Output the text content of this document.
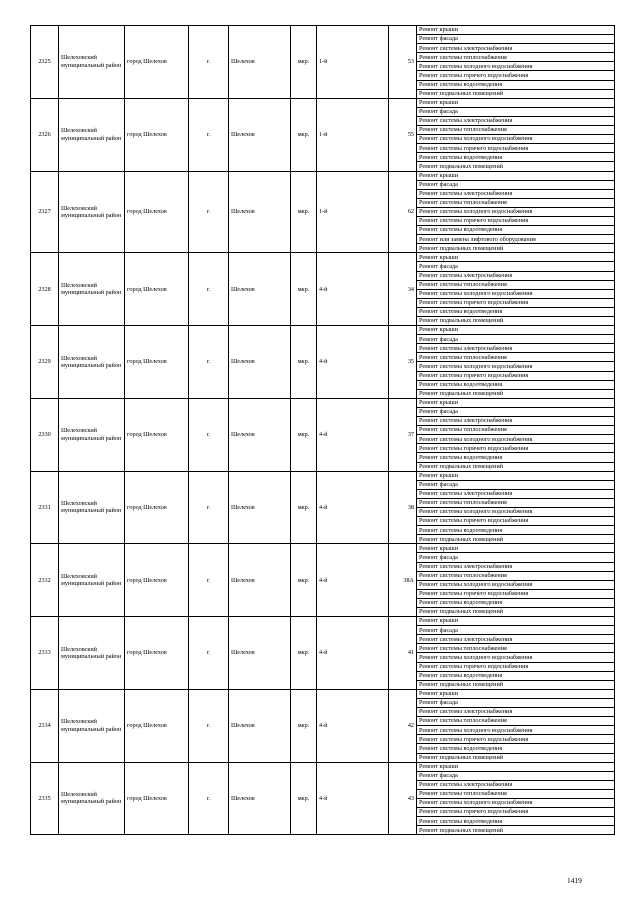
2325	Шелеховский муниципальный район	город Шелехов	г.	Шелехов	мкр.	1-й	53	Ремонт крыши
								Ремонт фасада
								Ремонт системы электроснабжения
								Ремонт системы теплоснабжения
								Ремонт системы холодного водоснабжения
								Ремонт системы горячего водоснабжения
								Ремонт системы водоотведения
								Ремонт подвальных помещений
2326	Шелеховский муниципальный район	город Шелехов	г.	Шелехов	мкр.	1-й	55	Ремонт крыши
								Ремонт фасада
								Ремонт системы электроснабжения
								Ремонт системы теплоснабжения
								Ремонт системы холодного водоснабжения
								Ремонт системы горячего водоснабжения
								Ремонт системы водоотведения
								Ремонт подвальных помещений
2327	Шелеховский муниципальный район	город Шелехов	г.	Шелехов	мкр.	1-й	62	Ремонт крыши
								Ремонт фасада
								Ремонт системы электроснабжения
								Ремонт системы теплоснабжения
								Ремонт системы холодного водоснабжения
								Ремонт системы горячего водоснабжения
								Ремонт системы водоотведения
								Ремонт или замена лифтового оборудования
								Ремонт подвальных помещений
2328	Шелеховский муниципальный район	город Шелехов	г.	Шелехов	мкр.	4-й	34	Ремонт крыши
								Ремонт фасада
								Ремонт системы электроснабжения
								Ремонт системы теплоснабжения
								Ремонт системы холодного водоснабжения
								Ремонт системы горячего водоснабжения
								Ремонт системы водоотведения
								Ремонт подвальных помещений
2329	Шелеховский муниципальный район	город Шелехов	г.	Шелехов	мкр.	4-й	35	Ремонт крыши
								Ремонт фасада
								Ремонт системы электроснабжения
								Ремонт системы теплоснабжения
								Ремонт системы холодного водоснабжения
								Ремонт системы горячего водоснабжения
								Ремонт системы водоотведения
								Ремонт подвальных помещений
2330	Шелеховский муниципальный район	город Шелехов	г.	Шелехов	мкр.	4-й	37	Ремонт крыши
								Ремонт фасада
								Ремонт системы электроснабжения
								Ремонт системы теплоснабжения
								Ремонт системы холодного водоснабжения
								Ремонт системы горячего водоснабжения
								Ремонт системы водоотведения
								Ремонт подвальных помещений
2331	Шелеховский муниципальный район	город Шелехов	г.	Шелехов	мкр.	4-й	38	Ремонт крыши
								Ремонт фасада
								Ремонт системы электроснабжения
								Ремонт системы теплоснабжения
								Ремонт системы холодного водоснабжения
								Ремонт системы горячего водоснабжения
								Ремонт системы водоотведения
								Ремонт подвальных помещений
2332	Шелеховский муниципальный район	город Шелехов	г.	Шелехов	мкр.	4-й	38А	Ремонт крыши
								Ремонт фасада
								Ремонт системы электроснабжения
								Ремонт системы теплоснабжения
								Ремонт системы холодного водоснабжения
								Ремонт системы горячего водоснабжения
								Ремонт системы водоотведения
								Ремонт подвальных помещений
2333	Шелеховский муниципальный район	город Шелехов	г.	Шелехов	мкр.	4-й	41	Ремонт крыши
								Ремонт фасада
								Ремонт системы электроснабжения
								Ремонт системы теплоснабжения
								Ремонт системы холодного водоснабжения
								Ремонт системы горячего водоснабжения
								Ремонт системы водоотведения
								Ремонт подвальных помещений
2334	Шелеховский муниципальный район	город Шелехов	г.	Шелехов	мкр.	4-й	42	Ремонт крыши
								Ремонт фасада
								Ремонт системы электроснабжения
								Ремонт системы теплоснабжения
								Ремонт системы холодного водоснабжения
								Ремонт системы горячего водоснабжения
								Ремонт системы водоотведения
								Ремонт подвальных помещений
2335	Шелеховский муниципальный район	город Шелехов	г.	Шелехов	мкр.	4-й	43	Ремонт крыши
								Ремонт фасада
								Ремонт системы электроснабжения
								Ремонт системы теплоснабжения
								Ремонт системы холодного водоснабжения
								Ремонт системы горячего водоснабжения
								Ремонт системы водоотведения
								Ремонт подвальных помещений
1419
